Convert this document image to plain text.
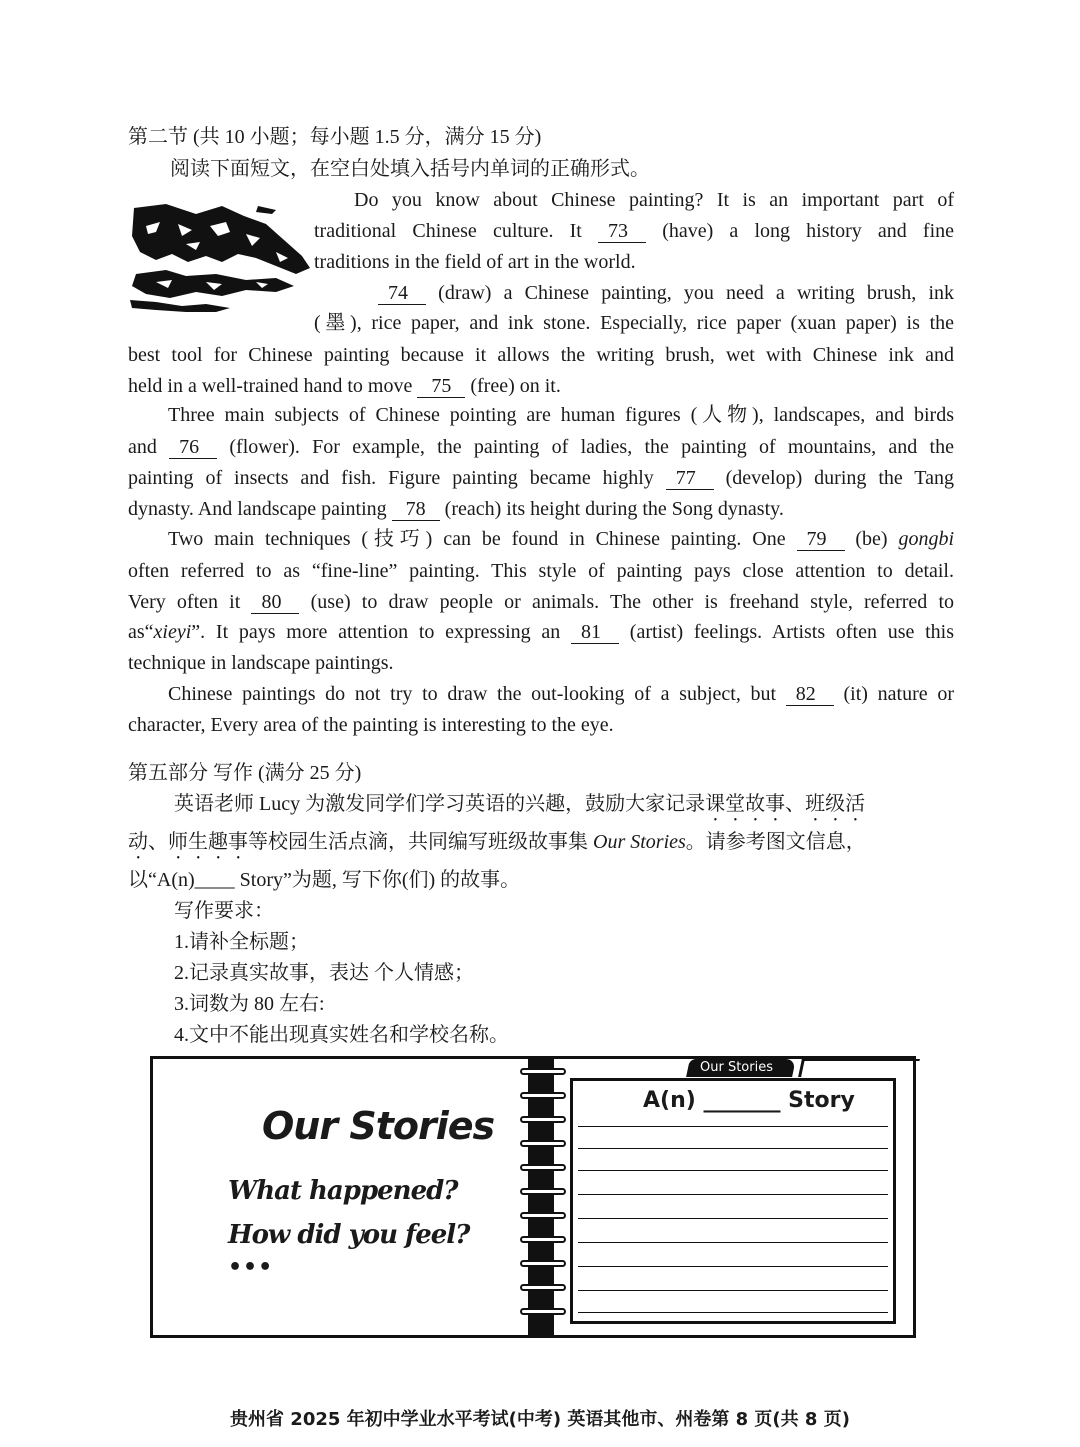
第二节 (共 10 小题；每小题 1.5 分，满分 15 分)
阅读下面短文，在空白处填入括号内单词的正确形式。
Do you know about Chinese painting? It is an important part of
traditional Chinese culture. It 73 (have) a long history and fine
traditions in the field of art in the world.
74 (draw) a Chinese painting, you need a writing brush, ink
(墨), rice paper, and ink stone. Especially, rice paper (xuan paper) is the
best tool for Chinese painting because it allows the writing brush, wet with Chinese ink and
held in a well-trained hand to move 75 (free) on it.
Three main subjects of Chinese pointing are human figures (人物), landscapes, and birds
and 76 (flower). For example, the painting of ladies, the painting of mountains, and the
painting of insects and fish. Figure painting became highly 77 (develop) during the Tang
dynasty. And landscape painting 78 (reach) its height during the Song dynasty.
Two main techniques (技巧) can be found in Chinese painting. One 79 (be) gongbi
often referred to as “fine-line” painting. This style of painting pays close attention to detail.
Very often it 80 (use) to draw people or animals. The other is freehand style, referred to
as“xieyi”. It pays more attention to expressing an 81 (artist) feelings. Artists often use this
technique in landscape paintings.
Chinese paintings do not try to draw the out-looking of a subject, but 82 (it) nature or
character, Every area of the painting is interesting to the eye.
第五部分 写作 (满分 25 分)
英语老师 Lucy 为激发同学们学习英语的兴趣，鼓励大家记录课堂故事、班级活
动、师生趣事等校园生活点滴，共同编写班级故事集 Our Stories。请参考图文信息，
以“A(n)____ Story”为题, 写下你(们) 的故事。
写作要求：
1.请补全标题；
2.记录真实故事，表达 个人情感；
3.词数为 80 左右:
4.文中不能出现真实姓名和学校名称。
Our Stories
What happened?
How did you feel?
•••
Our Stories
A(n) _______ Story
贵州省 2025 年初中学业水平考试(中考) 英语其他市、州卷第 8 页(共 8 页)
